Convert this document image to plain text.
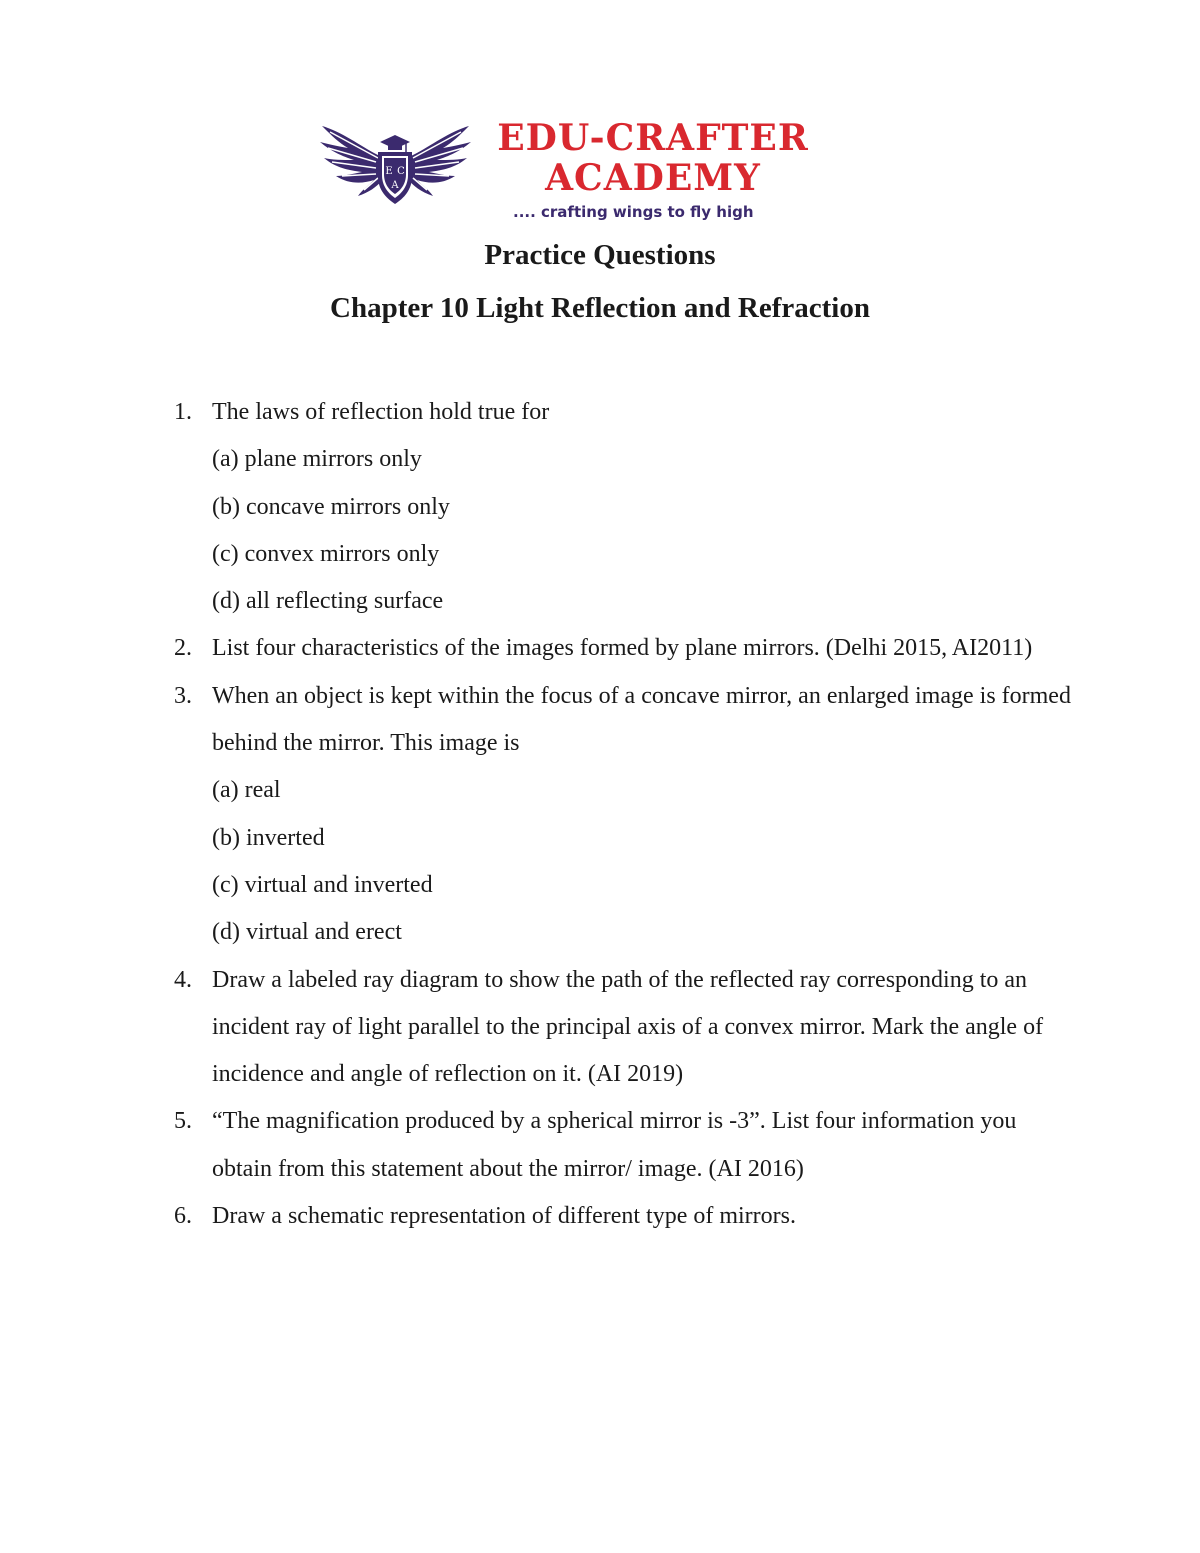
E C
A
EDU-CRAFTER
ACADEMY
.... crafting wings to fly high
Practice Questions
Chapter 10 Light Reflection and Refraction
1. The laws of reflection hold true for
(a) plane mirrors only
(b) concave mirrors only
(c) convex mirrors only
(d) all reflecting surface
2. List four characteristics of the images formed by plane mirrors. (Delhi 2015, AI2011)
3. When an object is kept within the focus of a concave mirror, an enlarged image is formed behind the mirror. This image is
(a) real
(b) inverted
(c) virtual and inverted
(d) virtual and erect
4. Draw a labeled ray diagram to show the path of the reflected ray corresponding to an incident ray of light parallel to the principal axis of a convex mirror. Mark the angle of incidence and angle of reflection on it. (AI 2019)
5. “The magnification produced by a spherical mirror is -3”. List four information you obtain from this statement about the mirror/ image. (AI 2016)
6. Draw a schematic representation of different type of mirrors.
